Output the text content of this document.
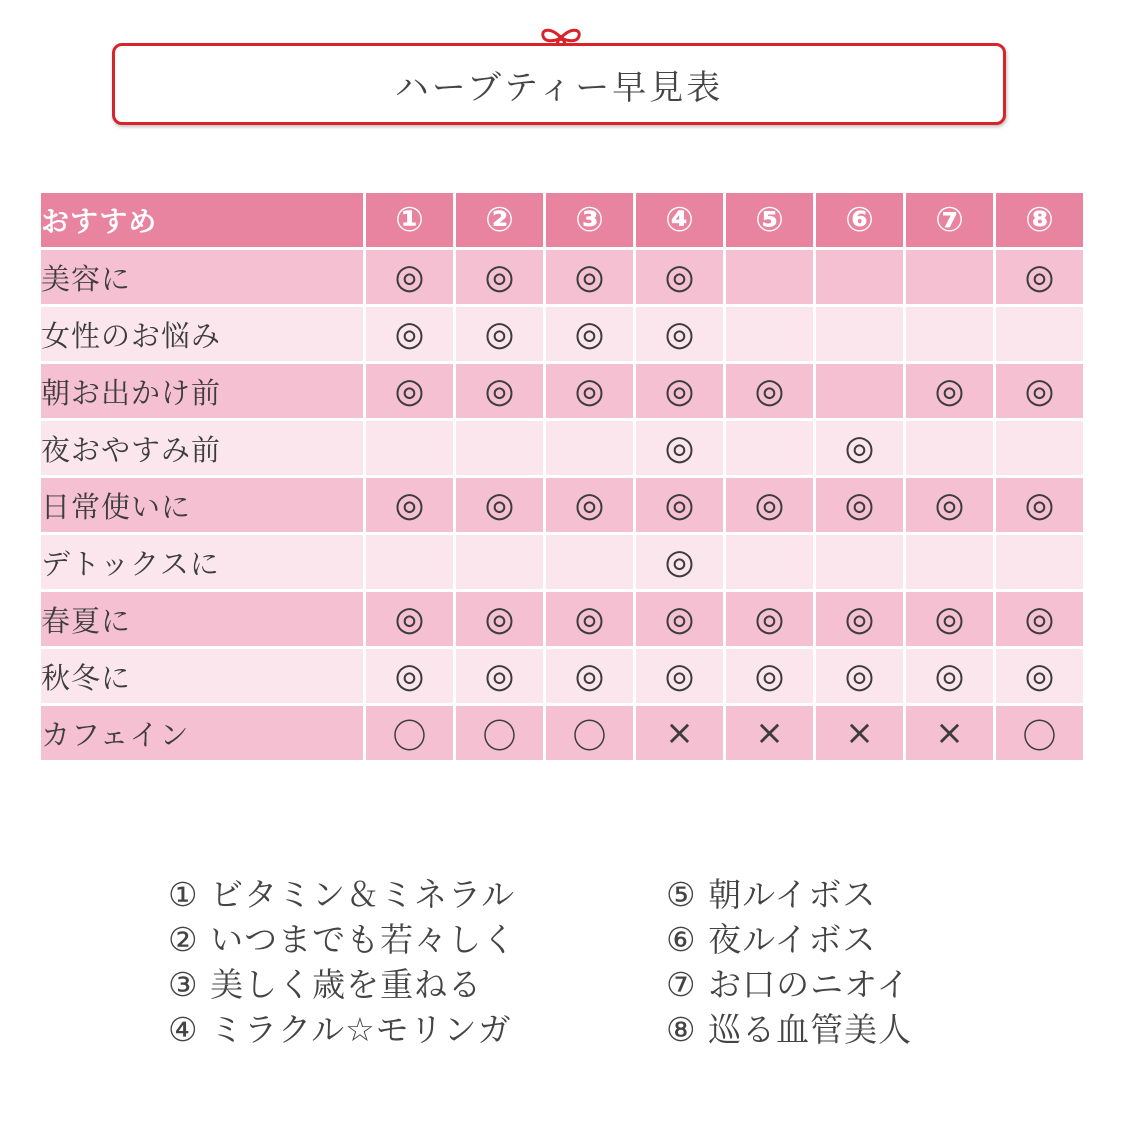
ハーブティー早見表
おすすめ	①	②	③	④	⑤	⑥	⑦	⑧
美容に	◎	◎	◎	◎				◎
女性のお悩み	◎	◎	◎	◎				
朝お出かけ前	◎	◎	◎	◎	◎		◎	◎
夜おやすみ前				◎		◎		
日常使いに	◎	◎	◎	◎	◎	◎	◎	◎
デトックスに				◎				
春夏に	◎	◎	◎	◎	◎	◎	◎	◎
秋冬に	◎	◎	◎	◎	◎	◎	◎	◎
カフェイン	〇	〇	〇	×	×	×	×	〇
① ビタミン＆ミネラル
② いつまでも若々しく
③ 美しく歳を重ねる
④ ミラクル☆モリンガ
⑤ 朝ルイボス
⑥ 夜ルイボス
⑦ お口のニオイ
⑧ 巡る血管美人
